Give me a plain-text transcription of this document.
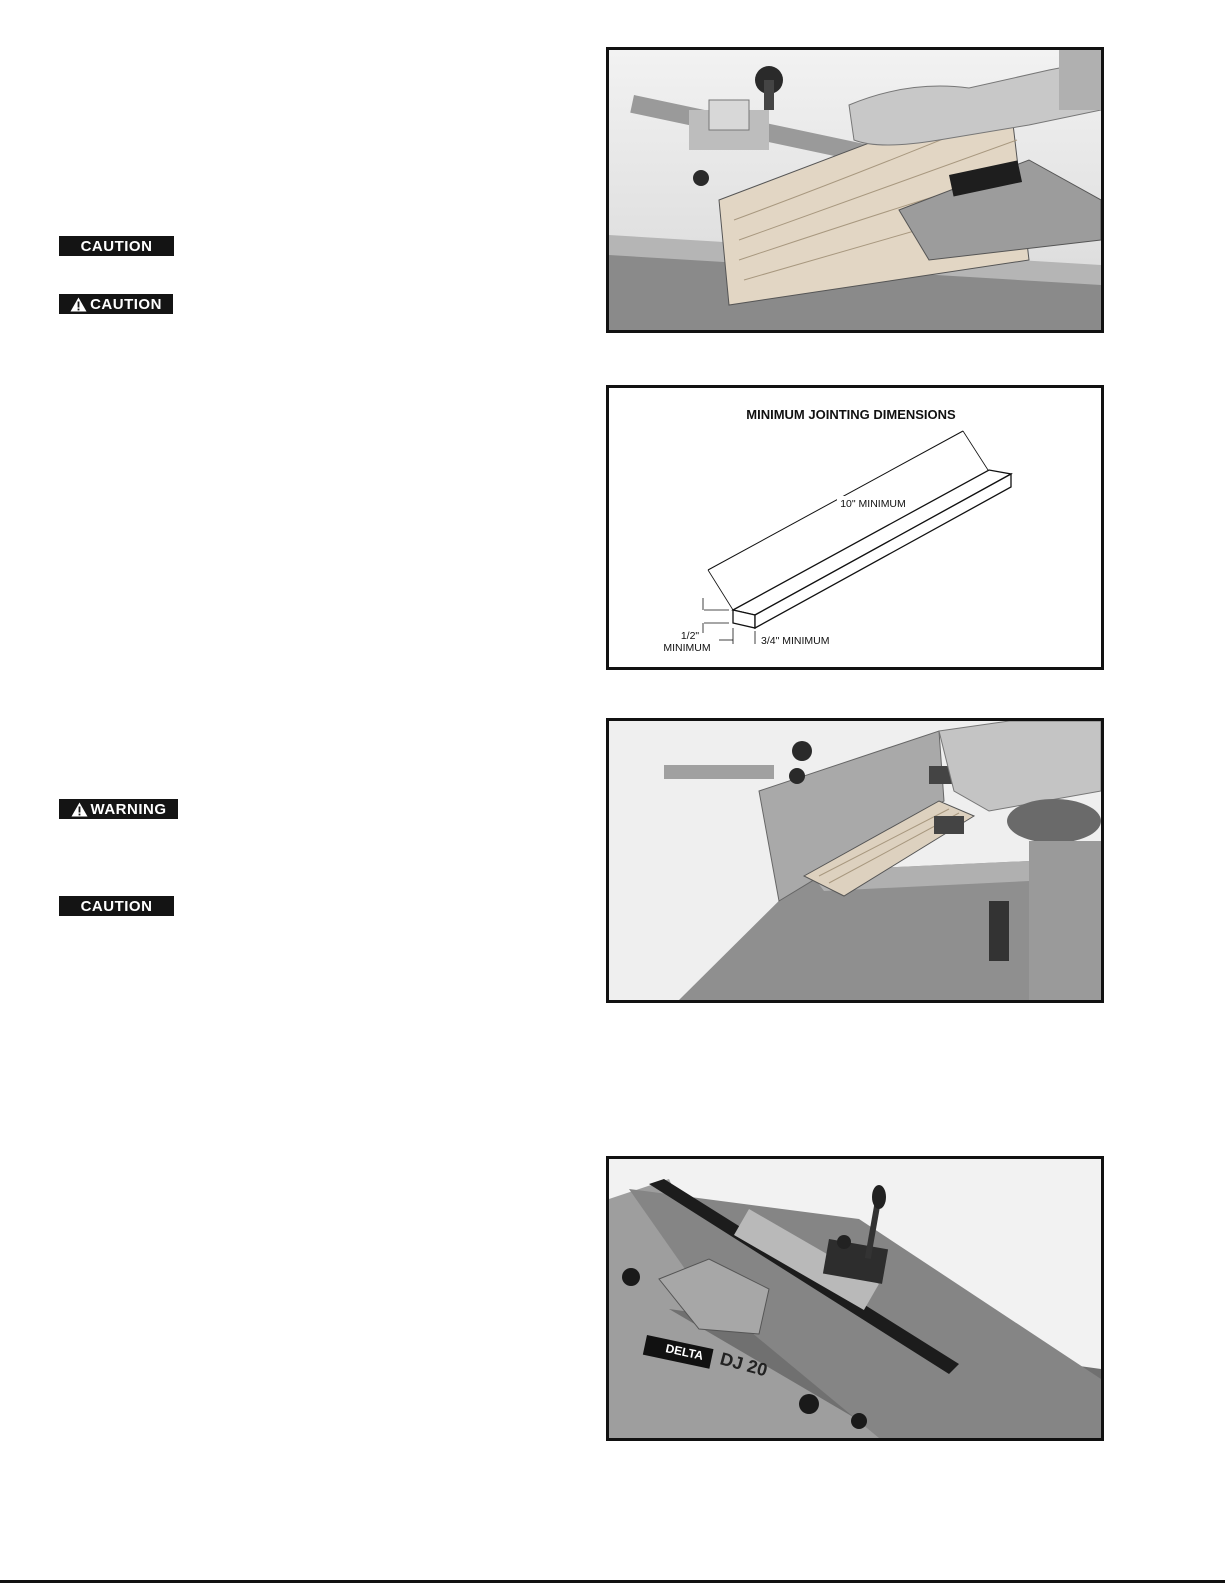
CAUTION
CAUTION
WARNING
CAUTION
MINIMUM JOINTING DIMENSIONS
10" MINIMUM
1/2"
MINIMUM
3/4" MINIMUM
DELTA DJ 20
